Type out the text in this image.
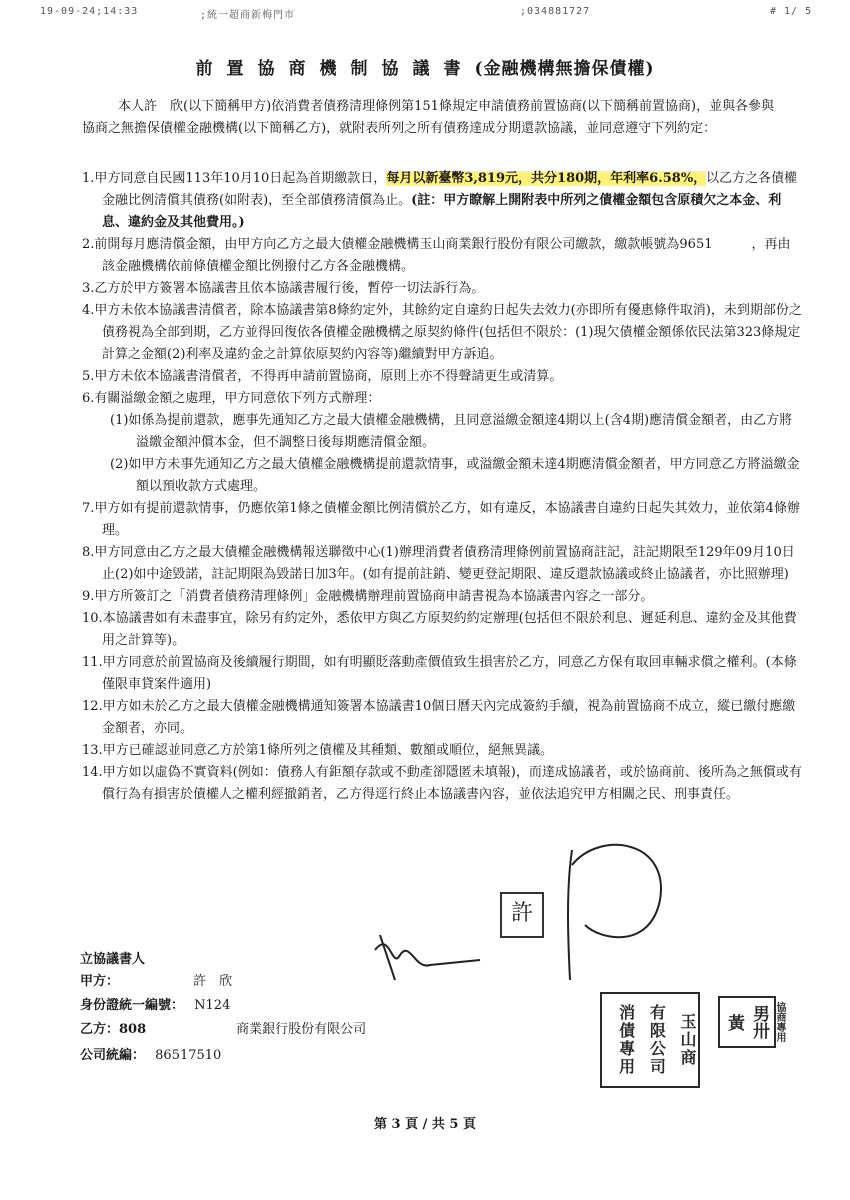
19-09-24;14:33	;統一超商新梅門市	;034881727	# 1/ 5
前置協商機制協議書(金融機構無擔保債權)
本人許　欣(以下簡稱甲方)依消費者債務清理條例第151條規定申請債務前置協商(以下簡稱前置協商)，並與各參與協商之無擔保債權金融機構(以下簡稱乙方)，就附表所列之所有債務達成分期還款協議，並同意遵守下列約定：
1.甲方同意自民國113年10月10日起為首期繳款日，每月以新臺幣3,819元，共分180期，年利率6.58%，以乙方之各債權金融比例清償其債務(如附表)，至全部債務清償為止。(註：甲方瞭解上開附表中所列之債權金額包含原積欠之本金、利息、違約金及其他費用。)
2.前開每月應清償金額，由甲方向乙方之最大債權金融機構玉山商業銀行股份有限公司繳款，繳款帳號為9651　　　，再由該金融機構依前條債權金額比例撥付乙方各金融機構。
3.乙方於甲方簽署本協議書且依本協議書履行後，暫停一切法訴行為。
4.甲方未依本協議書清償者，除本協議書第8條約定外，其餘約定自違約日起失去效力(亦即所有優惠條件取消)，未到期部份之債務視為全部到期，乙方並得回復依各債權金融機構之原契約條件(包括但不限於：(1)現欠債權金額係依民法第323條規定計算之金額(2)利率及違約金之計算依原契約內容等)繼續對甲方訴追。
5.甲方未依本協議書清償者，不得再申請前置協商，原則上亦不得聲請更生或清算。
6.有關溢繳金額之處理，甲方同意依下列方式辦理：
(1)如係為提前還款，應事先通知乙方之最大債權金融機構，且同意溢繳金額達4期以上(含4期)應清償金額者，由乙方將溢繳金額沖償本金，但不調整日後每期應清償金額。
(2)如甲方未事先通知乙方之最大債權金融機構提前還款情事，或溢繳金額未達4期應清償金額者，甲方同意乙方將溢繳金額以預收款方式處理。
7.甲方如有提前還款情事，仍應依第1條之債權金額比例清償於乙方，如有違反，本協議書自違約日起失其效力，並依第4條辦理。
8.甲方同意由乙方之最大債權金融機構報送聯徵中心(1)辦理消費者債務清理條例前置協商註記，註記期限至129年09月10日止(2)如中途毀諾，註記期限為毀諾日加3年。(如有提前註銷、變更登記期限、違反還款協議或終止協議者，亦比照辦理)
9.甲方所簽訂之「消費者債務清理條例」金融機構辦理前置協商申請書視為本協議書內容之一部分。
10.本協議書如有未盡事宜，除另有約定外，悉依甲方與乙方原契約約定辦理(包括但不限於利息、遲延利息、違約金及其他費用之計算等)。
11.甲方同意於前置協商及後續履行期間，如有明顯貶落動產價值致生損害於乙方，同意乙方保有取回車輛求償之權利。(本條僅限車貸案件適用)
12.甲方如未於乙方之最大債權金融機構通知簽署本協議書10個日曆天內完成簽約手續，視為前置協商不成立，縱已繳付應繳金額者，亦同。
13.甲方已確認並同意乙方於第1條所列之債權及其種類、數額或順位，絕無異議。
14.甲方如以虛偽不實資料(例如：債務人有鉅額存款或不動產卻隱匿未填報)，而達成協議者，或於協商前、後所為之無償或有償行為有損害於債權人之權利經撤銷者，乙方得逕行終止本協議書內容，並依法追究甲方相關之民、刑事責任。
許
立協議書人
甲方：	許　欣
身份證統一編號： N124
乙方：808	商業銀行股份有限公司
公司統編： 86517510	消債專用 有限公司 玉山商	男卅黃	協商專用
第 3 頁 / 共 5 頁
